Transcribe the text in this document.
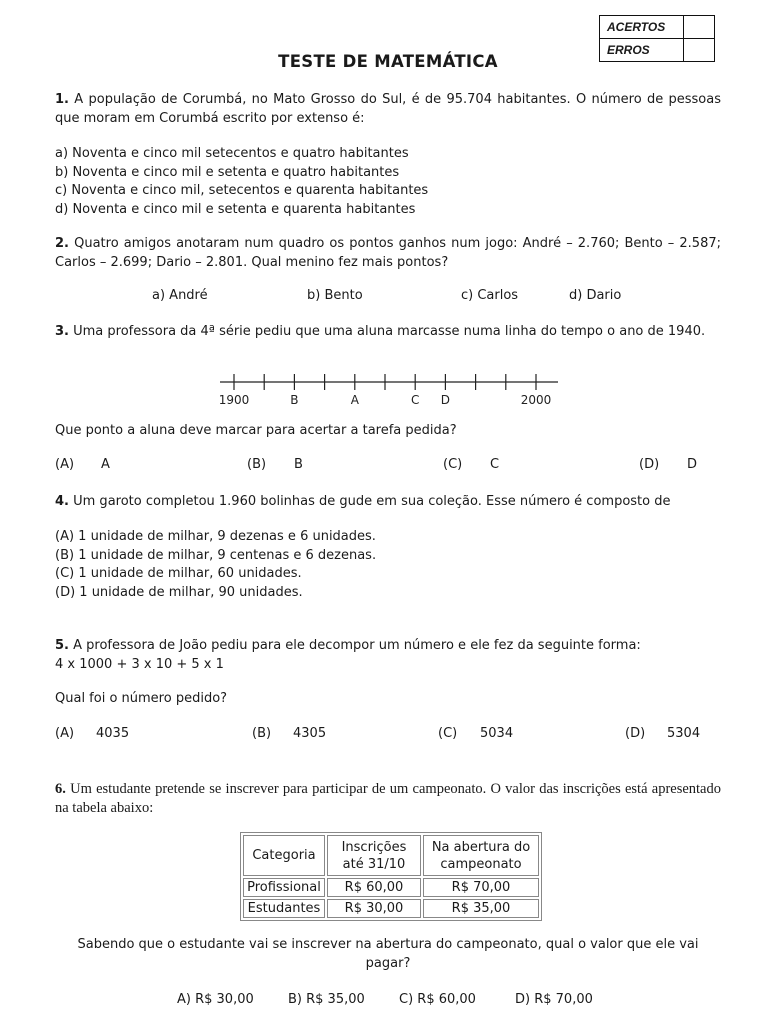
ACERTOS	
ERROS	
TESTE DE MATEMÁTICA
1. A população de Corumbá, no Mato Grosso do Sul, é de 95.704 habitantes. O número de pessoas que moram em Corumbá escrito por extenso é:
a) Noventa e cinco mil setecentos e quatro habitantes
b) Noventa e cinco mil e setenta e quatro habitantes
c) Noventa e cinco mil, setecentos e quarenta habitantes
d) Noventa e cinco mil e setenta e quarenta habitantes
2. Quatro amigos anotaram num quadro os pontos ganhos num jogo: André – 2.760; Bento – 2.587; Carlos – 2.699; Dario – 2.801. Qual menino fez mais pontos?
a) André	b) Bento	c) Carlos	d) Dario
3. Uma professora da 4ª série pediu que uma aluna marcasse numa linha do tempo o ano de 1940.
1900	B	A	C D	2000
Que ponto a aluna deve marcar para acertar a tarefa pedida?
(A) A	(B) B	(C) C	(D) D
4. Um garoto completou 1.960 bolinhas de gude em sua coleção. Esse número é composto de
(A) 1 unidade de milhar, 9 dezenas e 6 unidades.
(B) 1 unidade de milhar, 9 centenas e 6 dezenas.
(C) 1 unidade de milhar, 60 unidades.
(D) 1 unidade de milhar, 90 unidades.
5. A professora de João pediu para ele decompor um número e ele fez da seguinte forma:
4 x 1000 + 3 x 10 + 5 x 1
Qual foi o número pedido?
(A) 4035	(B) 4305	(C) 5034	(D) 5304
6. Um estudante pretende se inscrever para participar de um campeonato. O valor das inscrições está apresentado na tabela abaixo:
Categoria	Inscrições até 31/10	Na abertura do campeonato
Profissional	R$ 60,00	R$ 70,00
Estudantes	R$ 30,00	R$ 35,00
Sabendo que o estudante vai se inscrever na abertura do campeonato, qual o valor que ele vai pagar?
A) R$ 30,00	B) R$ 35,00	C) R$ 60,00	D) R$ 70,00
